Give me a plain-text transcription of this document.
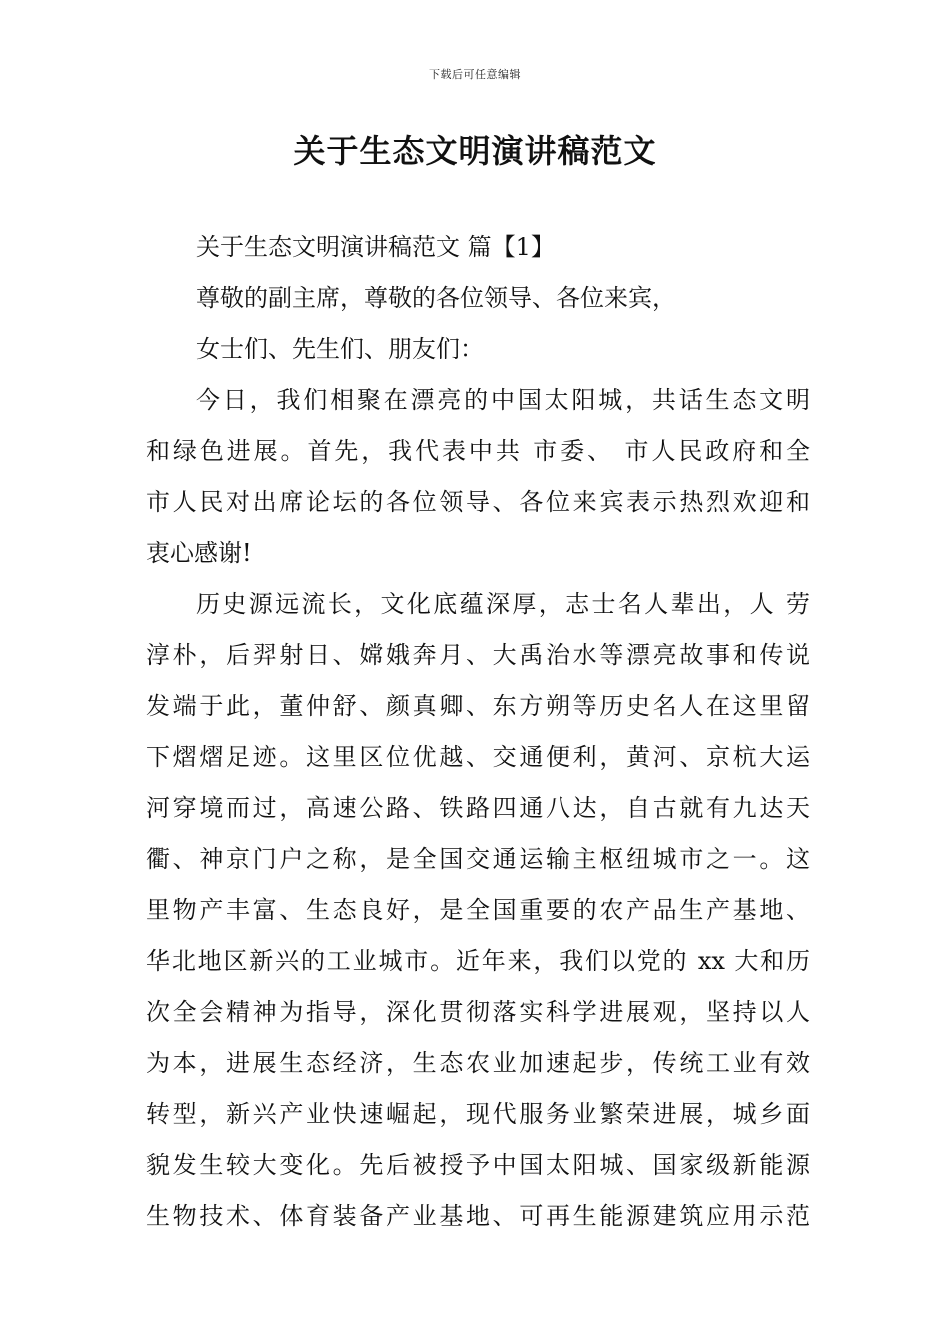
下载后可任意编辑
关于生态文明演讲稿范文
关于生态文明演讲稿范文 篇【1】
尊敬的副主席，尊敬的各位领导、各位来宾，
女士们、先生们、朋友们：
今日，我们相聚在漂亮的中国太阳城，共话生态文明
和绿色进展。首先，我代表中共 市委、 市人民政府和全
市人民对出席论坛的各位领导、各位来宾表示热烈欢迎和
衷心感谢!
历史源远流长，文化底蕴深厚，志士名人辈出，人 劳
淳朴，后羿射日、嫦娥奔月、大禹治水等漂亮故事和传说
发端于此，董仲舒、颜真卿、东方朔等历史名人在这里留
下熠熠足迹。这里区位优越、交通便利，黄河、京杭大运
河穿境而过，高速公路、铁路四通八达，自古就有九达天
衢、神京门户之称，是全国交通运输主枢纽城市之一。这
里物产丰富、生态良好，是全国重要的农产品生产基地、
华北地区新兴的工业城市。近年来，我们以党的 xx 大和历
次全会精神为指导，深化贯彻落实科学进展观，坚持以人
为本，进展生态经济，生态农业加速起步，传统工业有效
转型，新兴产业快速崛起，现代服务业繁荣进展，城乡面
貌发生较大变化。先后被授予中国太阳城、国家级新能源
生物技术、体育装备产业基地、可再生能源建筑应用示范
